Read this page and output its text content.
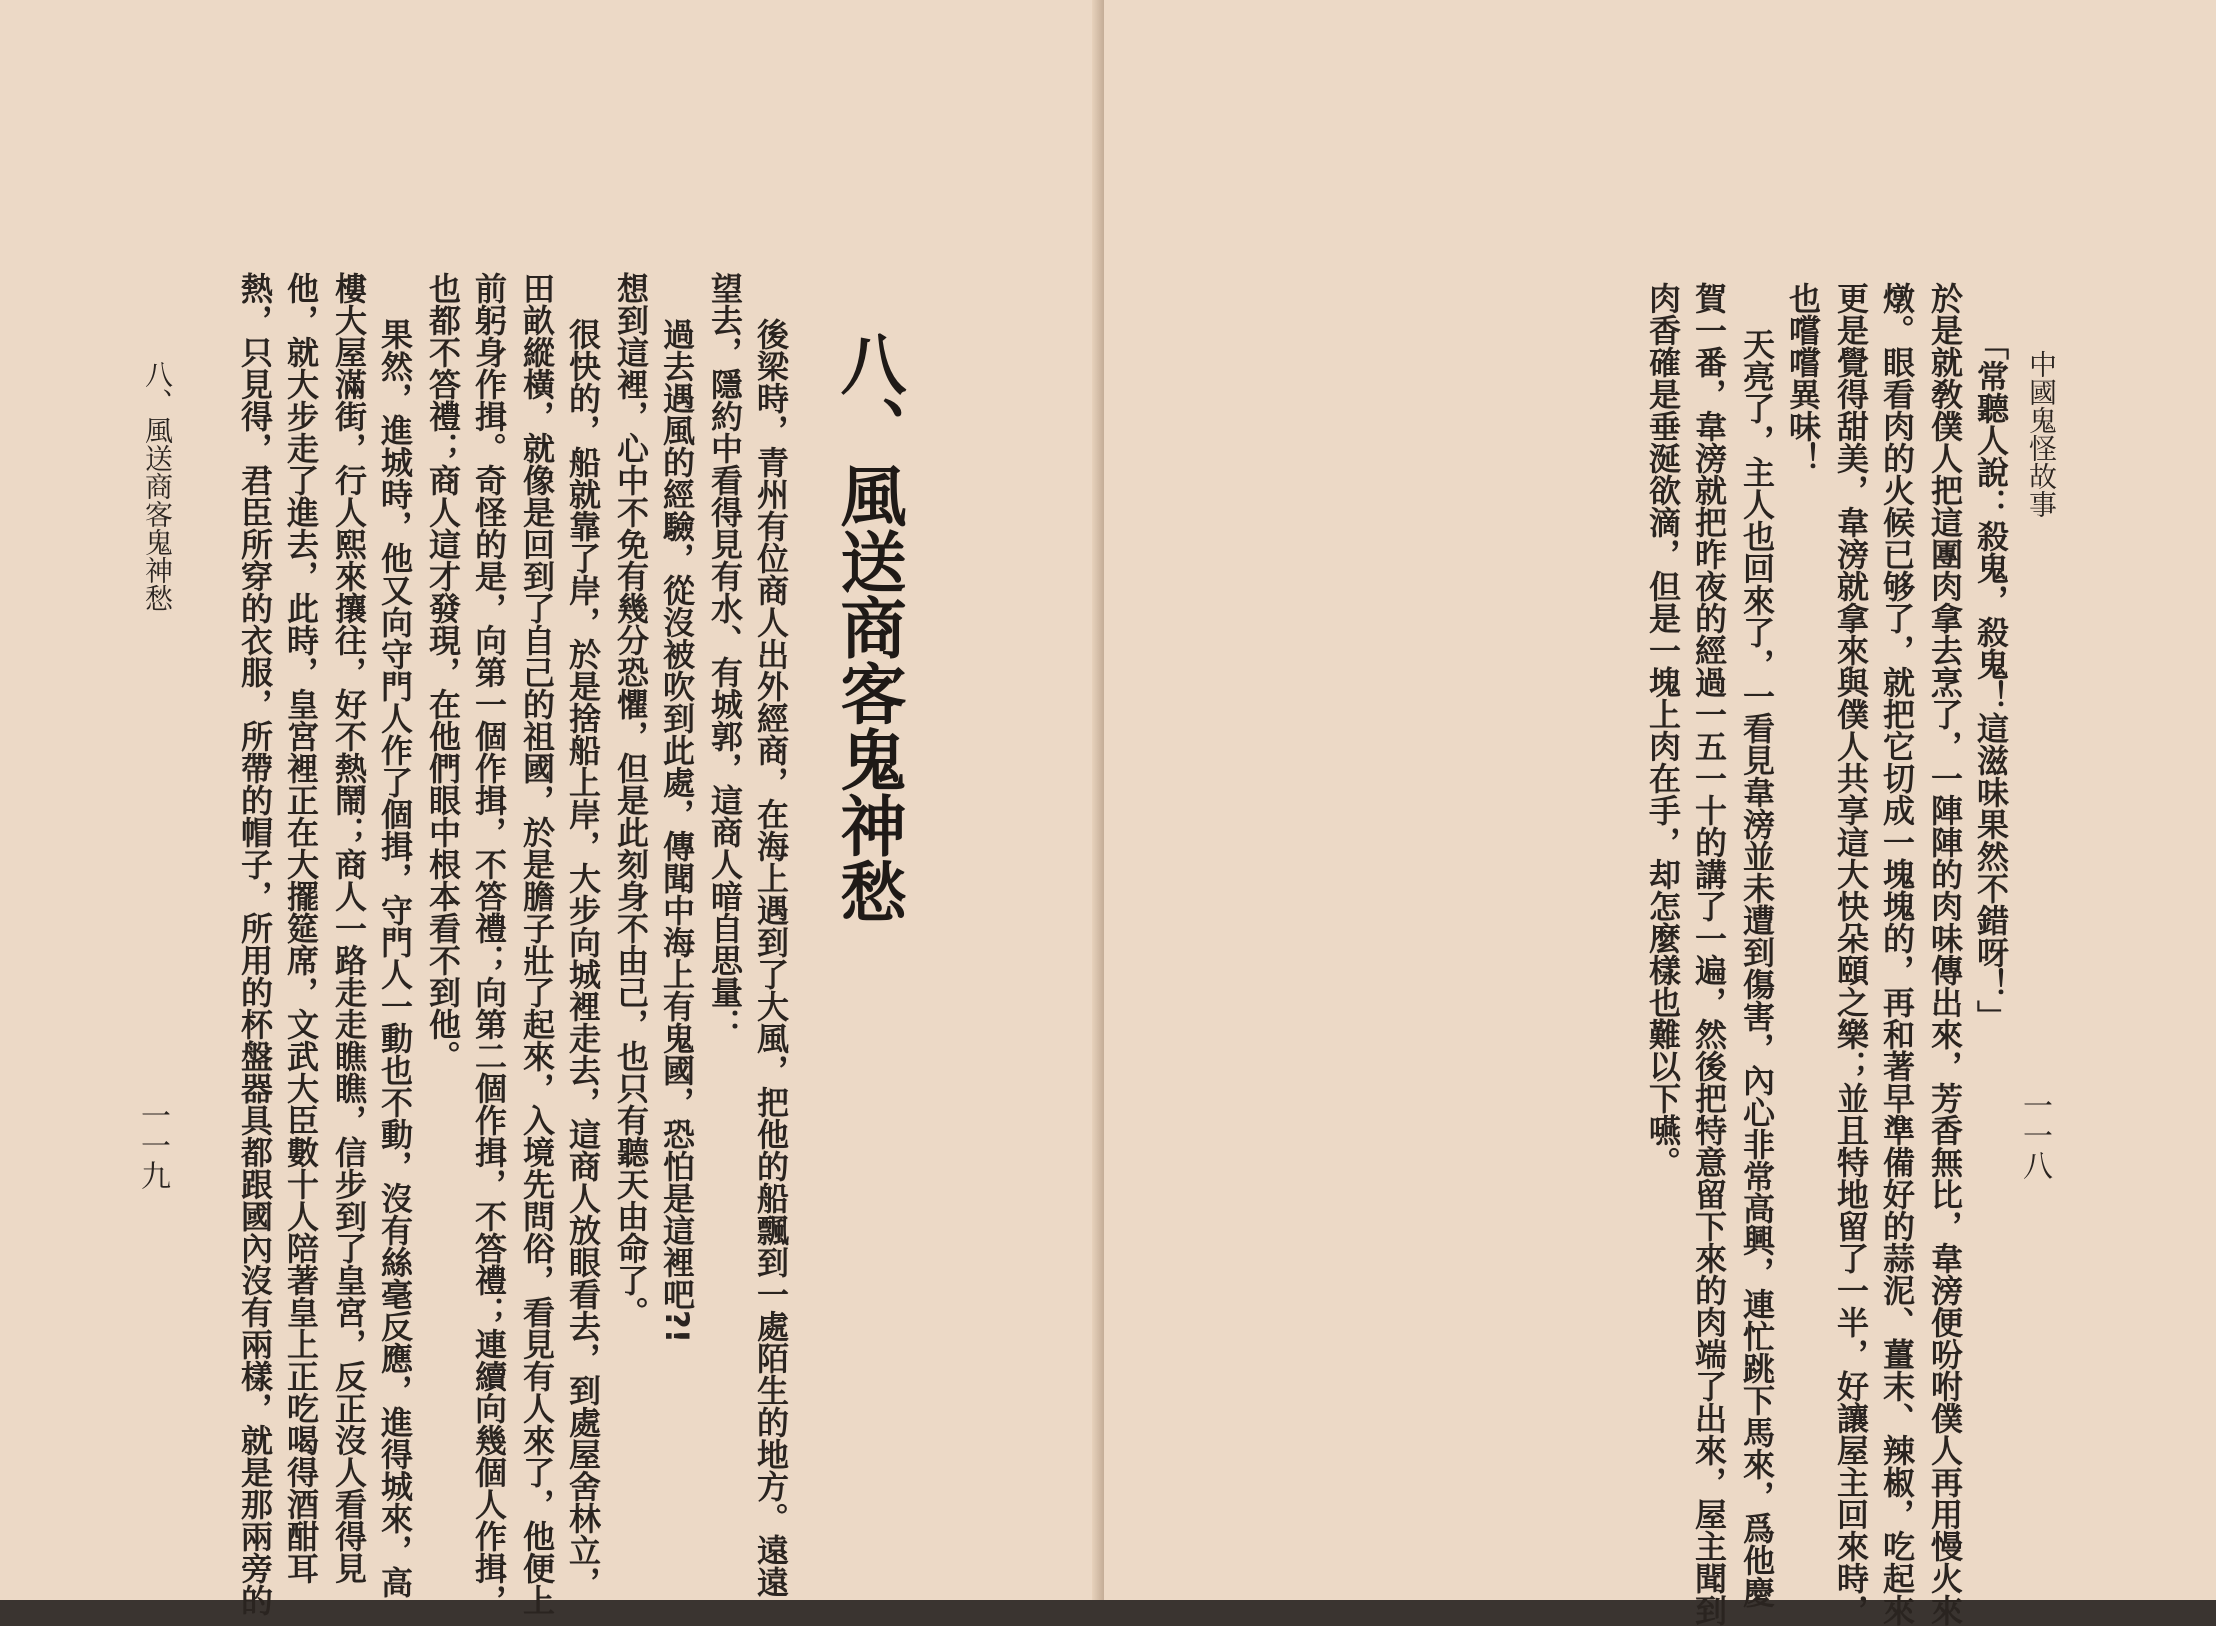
八、風送商客鬼神愁
後梁時，青州有位商人出外經商，在海上遇到了大風，把他的船飄到一處陌生的地方。遠遠
望去，隱約中看得見有水、有城郭，這商人暗自思量：
過去遇風的經驗，從沒被吹到此處，傳聞中海上有鬼國，恐怕是這裡吧?!
想到這裡，心中不免有幾分恐懼，但是此刻身不由己，也只有聽天由命了。
很快的，船就靠了岸，於是捨船上岸，大步向城裡走去，這商人放眼看去，到處屋舍林立，
田畝縱橫，就像是回到了自己的祖國，於是膽子壯了起來，入境先問俗，看見有人來了，他便上
前躬身作揖。奇怪的是，向第一個作揖，不答禮；向第二個作揖，不答禮；連續向幾個人作揖，
也都不答禮；商人這才發現，在他們眼中根本看不到他。
果然，進城時，他又向守門人作了個揖，守門人一動也不動，沒有絲毫反應，進得城來，高
樓大屋滿街，行人熙來攘往，好不熱鬧；商人一路走走瞧瞧，信步到了皇宮，反正沒人看得見
他，就大步走了進去，此時，皇宮裡正在大擺筵席，文武大臣數十人陪著皇上正吃喝得酒酣耳
熱，只見得，君臣所穿的衣服，所帶的帽子，所用的杯盤器具都跟國內沒有兩樣，就是那兩旁的
八、風送商客鬼神愁
一一九
中國鬼怪故事
一一八
「常聽人說：殺鬼，殺鬼！這滋味果然不錯呀！」
於是就敎僕人把這團肉拿去烹了，一陣陣的肉味傳出來，芳香無比，韋滂便吩咐僕人再用慢火來
燉。眼看肉的火候已够了，就把它切成一塊塊的，再和著早準備好的蒜泥、薑末、辣椒，吃起來
更是覺得甜美，韋滂就拿來與僕人共享這大快朵頤之樂；並且特地留了一半，好讓屋主回來時，
也嚐嚐異味！
天亮了，主人也回來了，一看見韋滂並未遭到傷害，內心非常高興，連忙跳下馬來，爲他慶
賀一番，韋滂就把昨夜的經過一五一十的講了一遍，然後把特意留下來的肉端了出來，屋主聞到
肉香確是垂涎欲滴，但是一塊上肉在手，却怎麼樣也難以下嚥。
